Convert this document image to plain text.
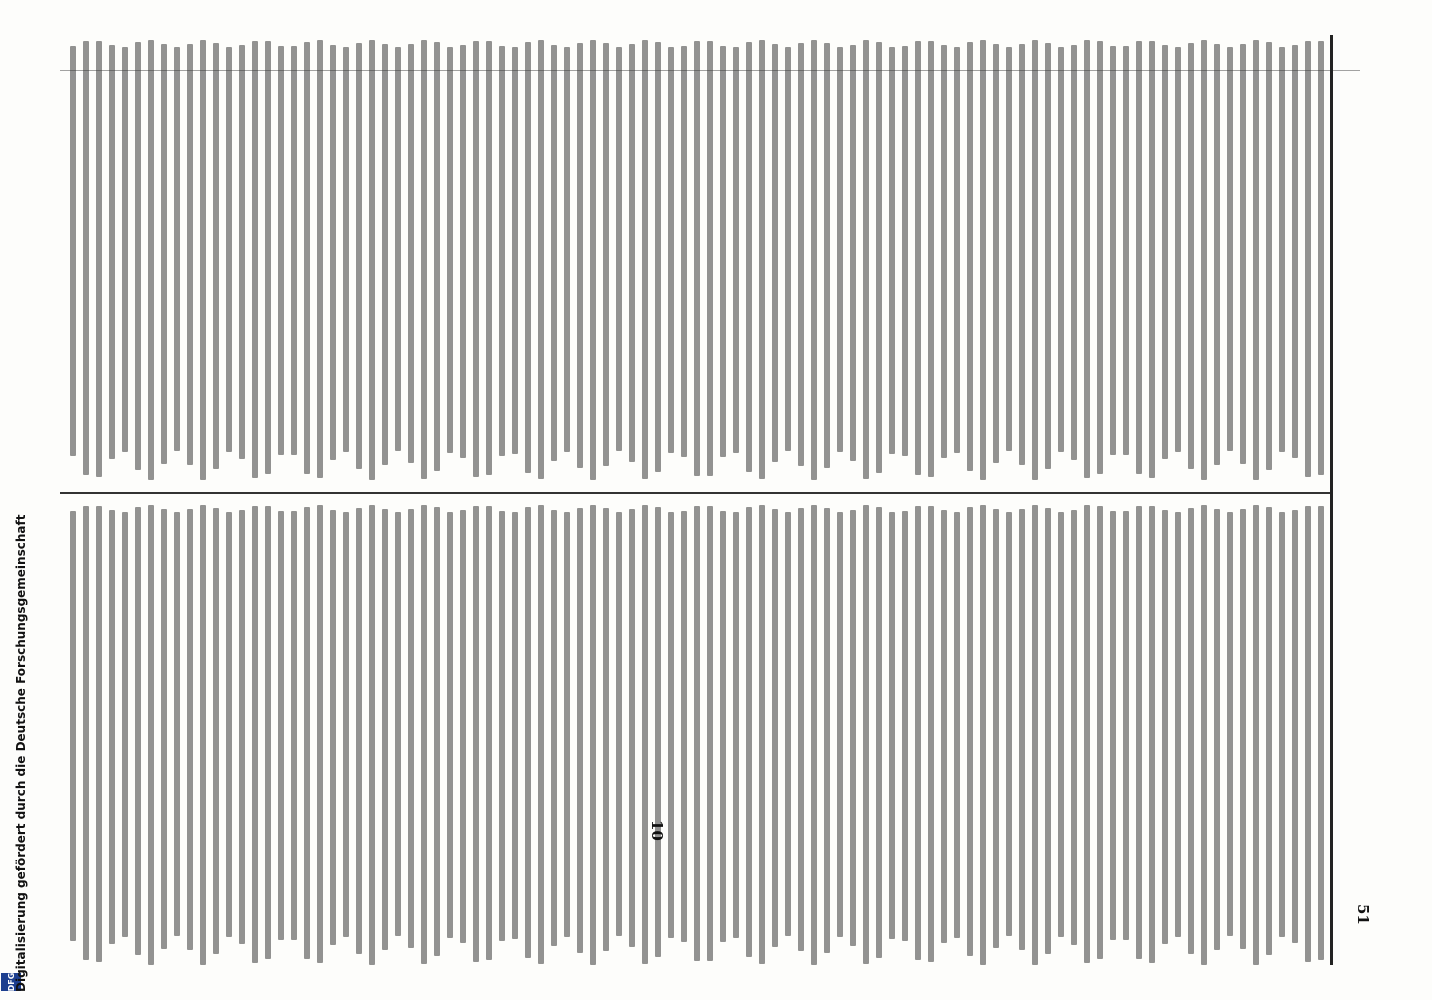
51
10
DFG
Digitalisierung gefördert durch die Deutsche Forschungsgemeinschaft
